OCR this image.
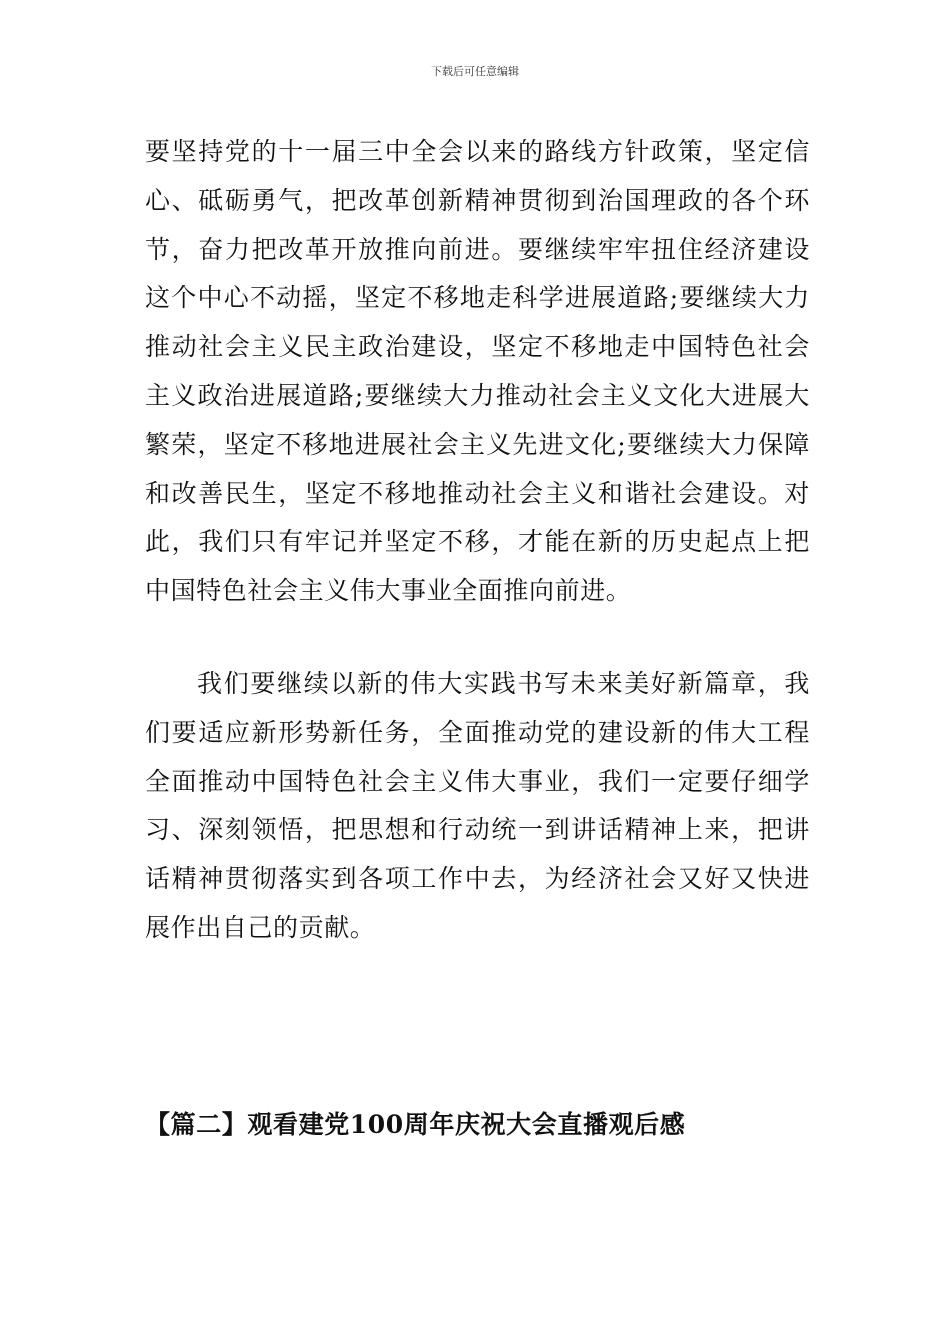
下载后可任意编辑

要坚持党的十一届三中全会以来的路线方针政策，坚定信心、砥砺勇气，把改革创新精神贯彻到治国理政的各个环节，奋力把改革开放推向前进。要继续牢牢扭住经济建设这个中心不动摇，坚定不移地走科学进展道路;要继续大力推动社会主义民主政治建设，坚定不移地走中国特色社会主义政治进展道路;要继续大力推动社会主义文化大进展大繁荣，坚定不移地进展社会主义先进文化;要继续大力保障和改善民生，坚定不移地推动社会主义和谐社会建设。对此，我们只有牢记并坚定不移，才能在新的历史起点上把中国特色社会主义伟大事业全面推向前进。

我们要继续以新的伟大实践书写未来美好新篇章，我们要适应新形势新任务，全面推动党的建设新的伟大工程全面推动中国特色社会主义伟大事业，我们一定要仔细学习、深刻领悟，把思想和行动统一到讲话精神上来，把讲话精神贯彻落实到各项工作中去，为经济社会又好又快进展作出自己的贡献。

【篇二】观看建党100周年庆祝大会直播观后感
